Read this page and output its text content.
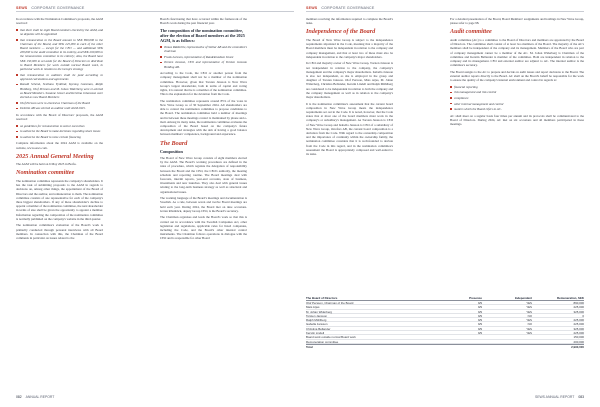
SEWS CORPORATE GOVERNANCE	SEWS CORPORATE GOVERNANCE

In accordance with the Nomination Committee's proposals, the AGM resolved:

that there shall be eight Board members elected by the AGM, and no deputies will be appointed
that remuneration to the Board amount to SEK 890,000 to the Chairman of the Board, and SEK 225,000 to each of the other Board members — except for the CEO — and additional SEK 200,000 to the audit committee in its entirety, and SEK 200,000 to the remuneration committee in its entirety; Also, the Board have SEK 150,000 to set aside for the Board of Directors to distribute to Board Members for work outside normal Board work, in particular work in relation to the Group's strategy
that remuneration to auditors shall be paid according to approved calculations and agreements
Ronald Schenk, Svetlana Tysklind, Kyeong Gonsman, Ralph Hultberg, Olof Persson and M. Johan Widerberg were re-elected as Board Members. Susanne Gisser and Kerstina Johansson were elected as new Board Members
Olof Persson were re-elected as Chairman of the Board
Deloitte AB was elected as auditor until AGM 2025.

In accordance with the Board of Directors' proposals, the AGM resolved:

on guidelines for remuneration to senior executives
to authorise the Board to make decisions regarding share issues
to authorise the Board to raise certain financing

Complete information about the 2024 AGM is available on the website, www.sews.com.

2025 Annual General Meeting

The AGM will be held on 6 May 2025 in Borås.

Nomination committee

The nomination committee represents the company's shareholders. It has the task of submitting proposals to the AGM in regards to decisions on, among other things, the appointment of the Board of Directors and the auditor, and remuneration to them. The nomination committee consists of one representative for each of the company's three biggest shareholders. If any of these shareholder's decline to appoint a member of the nomination committee, the next shareholder in terms of size shall be given the opportunity to appoint a member. Information regarding the composition of the nomination committee is normally published on the company's website in the third quarter.

The nomination committee's evaluation of the Board's work is primarily conducted through personal interviews with all Board members. In connection with this, the Chairman of the Board comments in particular on issues related to the

Board's functioning that have occurred within the framework of the Board's work during the past financial year.

The composition of the nomination committee, after the election of Board members at the 2025 AGM, is as follows:
Tomas Ridderlöv, representative of Stellar AB and the committee's chairman
Frank Larsson, representative of Randeklundsen Invest
Torsten Jansson, CEO and representative of Torsten Jansson Holding AB.

According to the Code, the CEO or another person from the company management shall not be a member of the nomination committee. However, given that Torsten Jansson is New Wave Group's largest shareholder, both in terms of capital and voting rights, it is natural that he is a member of the nomination committee. This is the explanation for the deviation from the Code.

The nomination committee represents around 85% of the votes in New Wave Group as of 30 September 2024. All shareholders are able to contact the nomination committee to propose candidates to the Board. The nomination committee held a number of meetings and in between these meetings contact is maintained by phone and e-mail. Among its many tasks, the nomination committee evaluates the composition of the Board based on the company's future development and strategies with the aim of having a good balance between members' competence, background and experience.

The Board
Composition

The Board of New Wave Group consists of eight members elected by the AGM. The Board's working procedures are defined in the rules of procedure, which regulate the delegation of responsibility between the Board and the CEO, the CEO's authority, the meeting schedule and reporting routine. The Board meetings deal with forecasts, interim reports, year-end accounts, state of business, investments and new launches. They also deal with general issues relating to the long-term business strategy as well as structural and organisational issues.

The working language of the Board's meetings and documentation is Swedish. As a rule, between seven and twelve Board meetings are held each year. During 2024, the Board met on nine occasions. Göran Rönnbäck, deputy Group CEO, is the Board's secretary.

The Chairman organises and leads the Board's work so that this is carried out in accordance with the Swedish Companies Act, other legislation and regulations, applicable rules for listed companies, including the Code, and the Board's other internal control instruments. The Chairman follows operations in dialogue with the CEO and is responsible for other Board

members receiving the information required to complete the Board's tasks.

Independence of the Board

The Board of New Wave Group is subject to the independence requirements stipulated in the Code, meaning that a majority of the Board members must be independent in relation to the company and company management, and that at least two of these must also be independent in relation to the company's major shareholders.

In CEO and majority owner of New Wave Group, Torsten Jansson is not independent in relation to the company, the company's management and the company's major shareholders. Isabella Jansson is also not independent, as she is employed in the group and daughter of Torsten Jansson. Olof Persson, Mats Arjes, M. Johan Widerberg, Christina Bellander, Kerstin Lindell and Ralph Mühlberg are considered to be independent in relation to both the company and the company management as well as in relation to the company's major shareholders.

It is the nomination committee's assessment that the current board composition in New Wave Group meets the independence requirements set out in the Code. It is noted, however, that the Code states that at most one of the board members must work in the company's or subsidiary's management. As Torsten Jansson is CEO of New Wave Group and Isabella Jansson is CEO of a subsidiary of New Wave Group, Orrefors AB, the current board composition is a deviation from the Code. With regard to the ownership composition and the importance of continuity within the ownership family, the nomination committee considers that it is well-founded to deviate from the Code in this regard, and in the nomination committee's assessment the Board is appropriately composed and well-suited to its tasks.

For a detailed presentation of the Board, Board Members' assignments and holdings in New Wave Group, please refer to page 98.

Audit committee

Audit committee (AC) is a committee to the Board of Directors and members are appointed by the Board of Directors. The committee shall consist of at least two members of the Board. The majority of the AC's members shall be independent of the company and its management. Members of the Board who are part of company management cannot be a member of the AC. M. Johan Widerberg is Chairman of the committee and Kerstin Bellander is member of the committee. Both are independent in relation to the company and its management. CFO and external auditor are adjunct to AC. The internal auditor is the committee's secretary.

The Board assigns to the AC to prepare and decide on audit issues and report decisions to the Board. The external auditor reports directly to the Board. AC shall on the Board's behalf be responsible for the work to ensure the quality of the company's internal environment and control in regards to:

financial reporting
risk management and risk control
compliance
other internal management and control
matters which the Board refers to AC.

AC shall meet on a regular basis four times per annum and its protocols shall be communicated to the Board of Directors. During 2024, AC met on six occasions and all members participated in these meetings.

The Board of Directors	Presence	Independent	Remuneration, SEK
Olof Persson, Chairman of the Board	9/9	YES	890,000
Mats Arjes	9/9	YES	225,000
M. Johan Widerberg	9/9	YES	325,000
Torsten Jansson	9/9	NO	0
Ralph Mühlberg	9/9	YES	225,000
Isabella Jansson	9/9	NO	225,000
Christina Bellander	9/9	YES	325,000
Kerstin Lindell	9/9	YES	225,000
Board work outside normal Board work	150,000
Remuneration committee	200,000
Total	2,990,000
082 ANNUAL REPORT	SEWS ANNUAL REPORT 083
